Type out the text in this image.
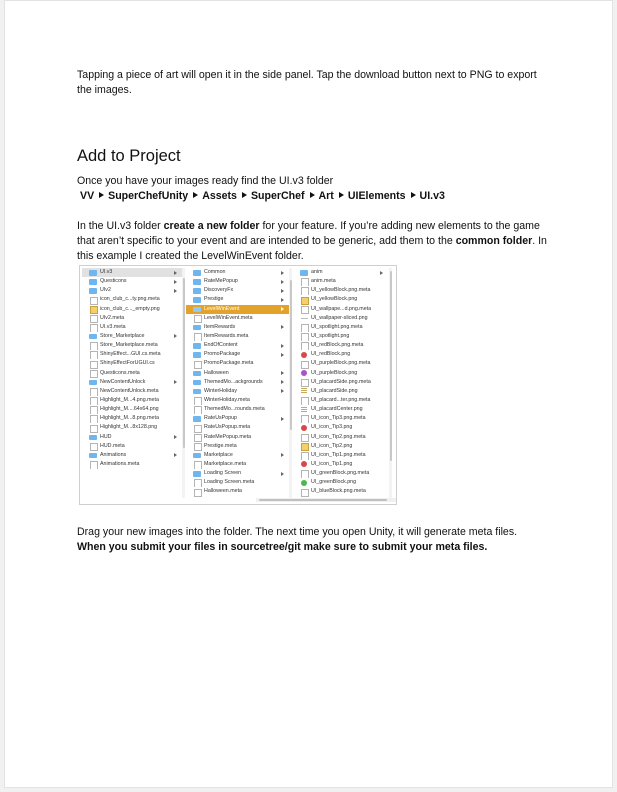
Tapping a piece of art will open it in the side panel. Tap the download button next to PNG to export the images.

Add to Project

Once you have your images ready find the UI.v3 folder

VV SuperChefUnity Assets SuperChef Art UIElements UI.v3

In the UI.v3 folder create a new folder for your feature. If you’re adding new elements to the game that aren’t specific to your event and are intended to be generic, add them to the common folder. In this example I created the LevelWinEvent folder.

UI.v3
Questicons
UIv2
icon_club_c...ty.png.meta
icon_club_c..._empty.png
UIv2.meta
UI.v3.meta
Store_Marketplace
Store_Marketplace.meta
ShinyEffect...GUI.cs.meta
ShinyEffectForUGUI.cs
Questicons.meta
NewContentUnlock
NewContentUnlock.meta
Highlight_M...4.png.meta
Highlight_M....64x64.png
Highlight_M...8.png.meta
Highlight_M...8x128.png
HUD
HUD.meta
Animations
Animations.meta
Common
RateMePopup
DiscoveryFx
Prestige
LevelWinEvent
LevelWinEvent.meta
ItemRewards
ItemRewards.meta
EndOfContent
PromoPackage
PromoPackage.meta
Halloween
ThemedMo...ackgrounds
WinterHoliday
WinterHoliday.meta
ThemedMo...rounds.meta
RateUsPopup
RateUsPopup.meta
RateMePopup.meta
Prestige.meta
Marketplace
Marketplace.meta
Loading Screen
Loading Screen.meta
Halloween.meta
anim
anim.meta
UI_yellowBlock.png.meta
UI_yellowBlock.png
UI_wallpape...d.png.meta
UI_wallpaper-sliced.png
UI_spotlight.png.meta
UI_spotlight.png
UI_redBlock.png.meta
UI_redBlock.png
UI_purpleBlock.png.meta
UI_purpleBlock.png
UI_placardSide.png.meta
UI_placardSide.png
UI_placard...ter.png.meta
UI_placardCenter.png
UI_icon_Tip3.png.meta
UI_icon_Tip3.png
UI_icon_Tip2.png.meta
UI_icon_Tip2.png
UI_icon_Tip1.png.meta
UI_icon_Tip1.png
UI_greenBlock.png.meta
UI_greenBlock.png
UI_blueBlock.png.meta

Drag your new images into the folder. The next time you open Unity, it will generate meta files.

When you submit your files in sourcetree/git make sure to submit your meta files.
